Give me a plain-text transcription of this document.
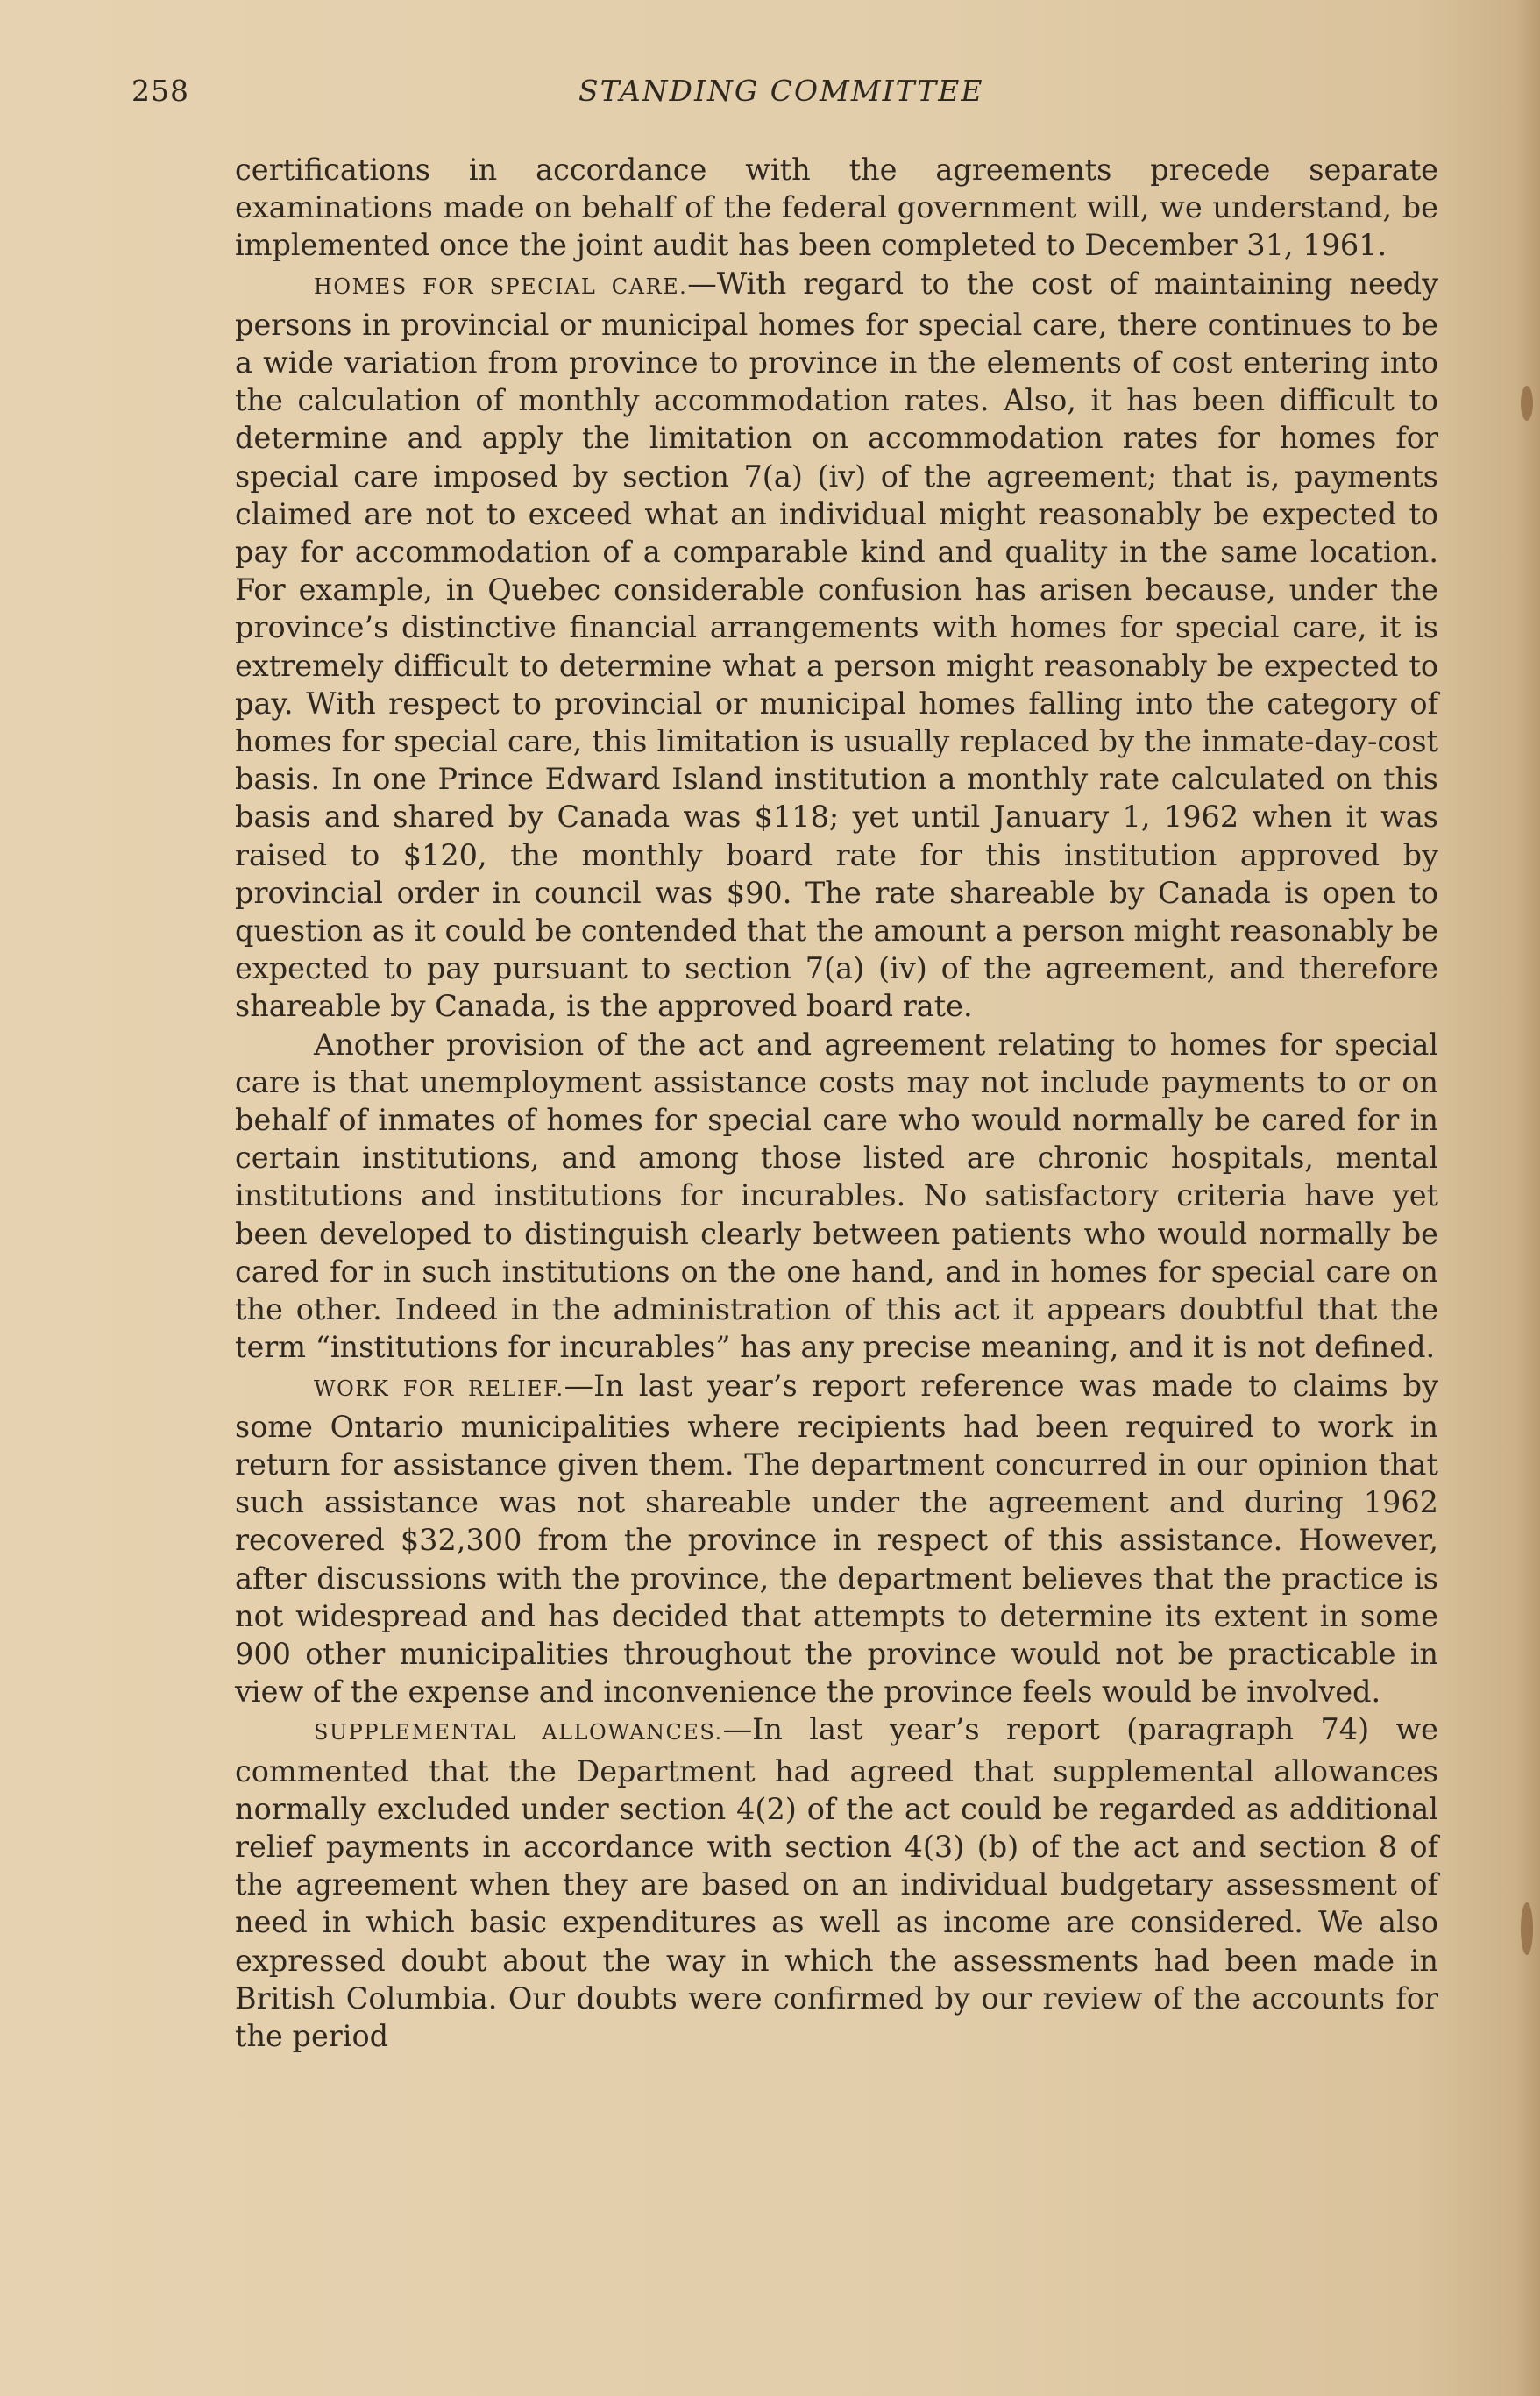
258	STANDING COMMITTEE

certifications in accordance with the agreements precede separate examinations made on behalf of the federal government will, we understand, be implemented once the joint audit has been completed to December 31, 1961.

HOMES FOR SPECIAL CARE.—With regard to the cost of maintaining needy persons in provincial or municipal homes for special care, there continues to be a wide variation from province to province in the elements of cost entering into the calculation of monthly accommodation rates. Also, it has been difficult to determine and apply the limitation on accommodation rates for homes for special care imposed by section 7(a) (iv) of the agreement; that is, payments claimed are not to exceed what an individual might reasonably be expected to pay for accommodation of a comparable kind and quality in the same location. For example, in Quebec considerable confusion has arisen because, under the province’s distinctive financial arrangements with homes for special care, it is extremely difficult to determine what a person might reasonably be expected to pay. With respect to provincial or municipal homes falling into the category of homes for special care, this limitation is usually replaced by the inmate-day-cost basis. In one Prince Edward Island institution a monthly rate calculated on this basis and shared by Canada was $118; yet until January 1, 1962 when it was raised to $120, the monthly board rate for this institution approved by provincial order in council was $90. The rate shareable by Canada is open to question as it could be contended that the amount a person might reasonably be expected to pay pursuant to section 7(a) (iv) of the agreement, and therefore shareable by Canada, is the approved board rate.

Another provision of the act and agreement relating to homes for special care is that unemployment assistance costs may not include payments to or on behalf of inmates of homes for special care who would normally be cared for in certain institutions, and among those listed are chronic hospitals, mental institutions and institutions for incurables. No satisfactory criteria have yet been developed to distinguish clearly between patients who would normally be cared for in such institutions on the one hand, and in homes for special care on the other. Indeed in the administration of this act it appears doubtful that the term “institutions for incurables” has any precise meaning, and it is not defined.

WORK FOR RELIEF.—In last year’s report reference was made to claims by some Ontario municipalities where recipients had been required to work in return for assistance given them. The department concurred in our opinion that such assistance was not shareable under the agreement and during 1962 recovered $32,300 from the province in respect of this assistance. However, after discussions with the province, the department believes that the practice is not widespread and has decided that attempts to determine its extent in some 900 other municipalities throughout the province would not be practicable in view of the expense and inconvenience the province feels would be involved.

SUPPLEMENTAL ALLOWANCES.—In last year’s report (paragraph 74) we commented that the Department had agreed that supplemental allowances normally excluded under section 4(2) of the act could be regarded as additional relief payments in accordance with section 4(3) (b) of the act and section 8 of the agreement when they are based on an individual budgetary assessment of need in which basic expenditures as well as income are considered. We also expressed doubt about the way in which the assessments had been made in British Columbia. Our doubts were confirmed by our review of the accounts for the period
